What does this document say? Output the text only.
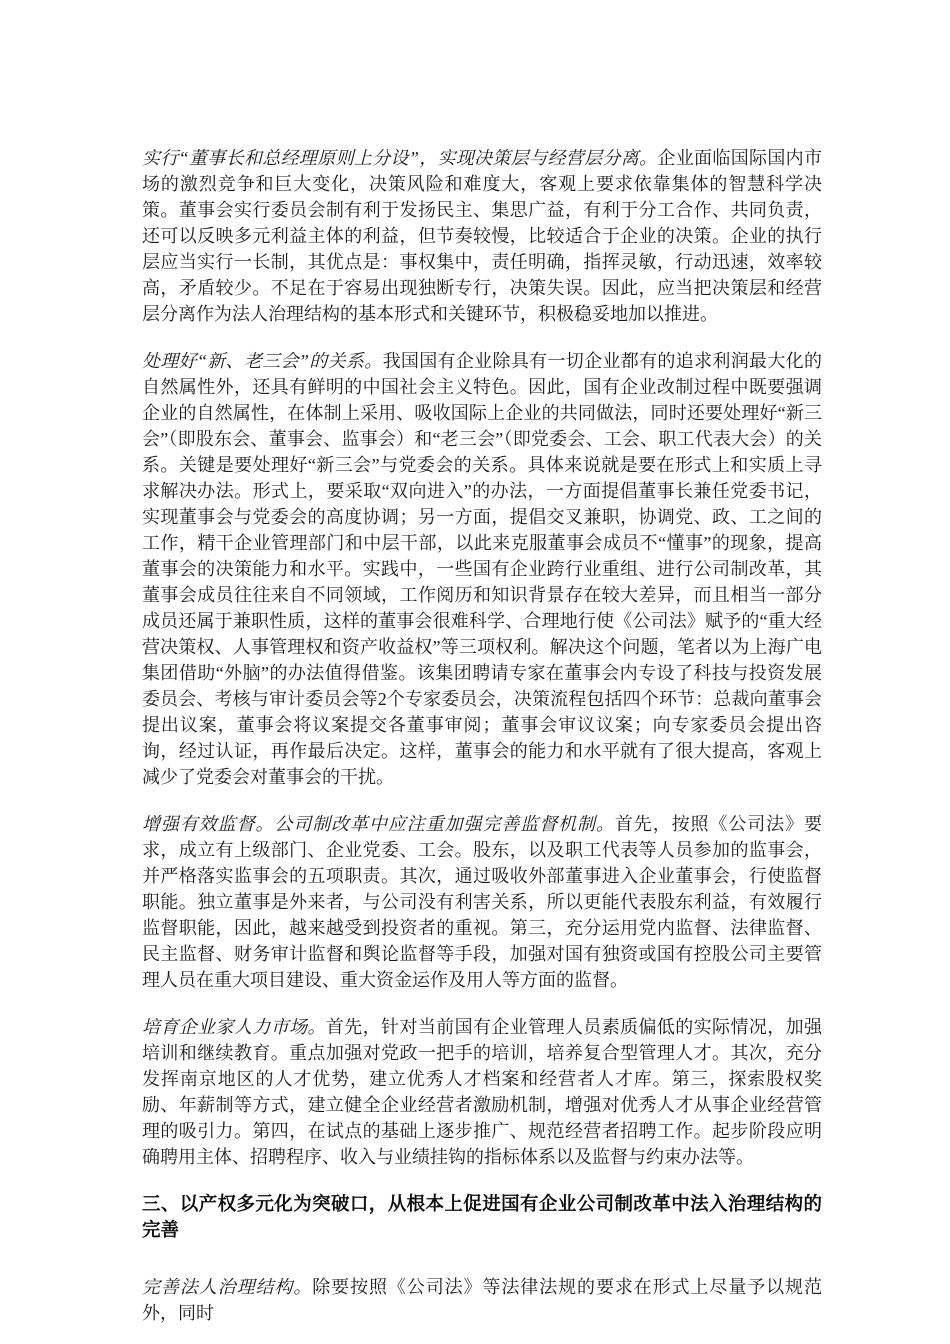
实行“董事长和总经理原则上分设”，实现决策层与经营层分离。企业面临国际国内市场的激烈竞争和巨大变化，决策风险和难度大，客观上要求依靠集体的智慧科学决策。董事会实行委员会制有利于发扬民主、集思广益，有利于分工合作、共同负责，还可以反映多元利益主体的利益，但节奏较慢，比较适合于企业的决策。企业的执行层应当实行一长制，其优点是：事权集中，责任明确，指挥灵敏，行动迅速，效率较高，矛盾较少。不足在于容易出现独断专行，决策失误。因此，应当把决策层和经营层分离作为法人治理结构的基本形式和关键环节，积极稳妥地加以推进。

处理好“新、老三会”的关系。我国国有企业除具有一切企业都有的追求利润最大化的自然属性外，还具有鲜明的中国社会主义特色。因此，国有企业改制过程中既要强调企业的自然属性，在体制上采用、吸收国际上企业的共同做法，同时还要处理好“新三会”（即股东会、董事会、监事会）和“老三会”（即党委会、工会、职工代表大会）的关系。关键是要处理好“新三会”与党委会的关系。具体来说就是要在形式上和实质上寻求解决办法。形式上，要采取“双向进入”的办法，一方面提倡董事长兼任党委书记，实现董事会与党委会的高度协调；另一方面，提倡交叉兼职，协调党、政、工之间的工作，精干企业管理部门和中层干部，以此来克服董事会成员不“懂事”的现象，提高董事会的决策能力和水平。实践中，一些国有企业跨行业重组、进行公司制改革，其董事会成员往往来自不同领域，工作阅历和知识背景存在较大差异，而且相当一部分成员还属于兼职性质，这样的董事会很难科学、合理地行使《公司法》赋予的“重大经营决策权、人事管理权和资产收益权”等三项权利。解决这个问题，笔者以为上海广电集团借助“外脑”的办法值得借鉴。该集团聘请专家在董事会内专设了科技与投资发展委员会、考核与审计委员会等2个专家委员会，决策流程包括四个环节：总裁向董事会提出议案，董事会将议案提交各董事审阅；董事会审议议案；向专家委员会提出咨询，经过认证，再作最后决定。这样，董事会的能力和水平就有了很大提高，客观上减少了党委会对董事会的干扰。

增强有效监督。公司制改革中应注重加强完善监督机制。首先，按照《公司法》要求，成立有上级部门、企业党委、工会。股东，以及职工代表等人员参加的监事会，并严格落实监事会的五项职责。其次，通过吸收外部董事进入企业董事会，行使监督职能。独立董事是外来者，与公司没有利害关系，所以更能代表股东利益，有效履行监督职能，因此，越来越受到投资者的重视。第三，充分运用党内监督、法律监督、民主监督、财务审计监督和舆论监督等手段，加强对国有独资或国有控股公司主要管理人员在重大项目建设、重大资金运作及用人等方面的监督。

培育企业家人力市场。首先，针对当前国有企业管理人员素质偏低的实际情况，加强培训和继续教育。重点加强对党政一把手的培训，培养复合型管理人才。其次，充分发挥南京地区的人才优势，建立优秀人才档案和经营者人才库。第三，探索股权奖励、年薪制等方式，建立健全企业经营者激励机制，增强对优秀人才从事企业经营管理的吸引力。第四，在试点的基础上逐步推广、规范经营者招聘工作。起步阶段应明确聘用主体、招聘程序、收入与业绩挂钩的指标体系以及监督与约束办法等。

三、以产权多元化为突破口，从根本上促进国有企业公司制改革中法入治理结构的完善

完善法人治理结构。除要按照《公司法》等法律法规的要求在形式上尽量予以规范外，同时
